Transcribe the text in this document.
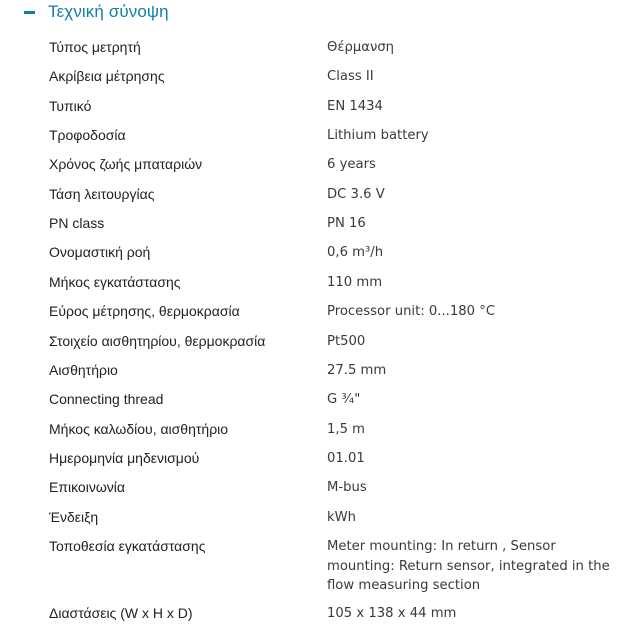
Τεχνική σύνοψη
Τύπος μετρητή	Θέρμανση
Ακρίβεια μέτρησης	Class II
Τυπικό	EN 1434
Τροφοδοσία	Lithium battery
Χρόνος ζωής μπαταριών	6 years
Τάση λειτουργίας	DC 3.6 V
PN class	PN 16
Ονομαστική ροή	0,6 m³/h
Μήκος εγκατάστασης	110 mm
Εύρος μέτρησης, θερμοκρασία	Processor unit: 0...180 °C
Στοιχείο αισθητηρίου, θερμοκρασία	Pt500
Αισθητήριο	27.5 mm
Connecting thread	G ¾"
Μήκος καλωδίου, αισθητήριο	1,5 m
Ημερομηνία μηδενισμού	01.01
Επικοινωνία	M-bus
Ένδειξη	kWh
Τοποθεσία εγκατάστασης	Meter mounting: In return , Sensor mounting: Return sensor, integrated in the flow measuring section
Διαστάσεις (W x H x D)	105 x 138 x 44 mm
